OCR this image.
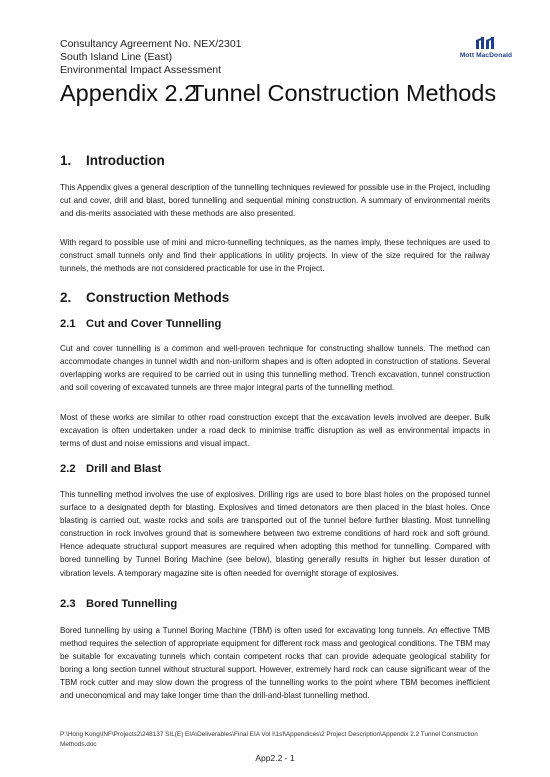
Consultancy Agreement No. NEX/2301
South Island Line (East)
Environmental Impact Assessment
Mott MacDonald
Appendix 2.2Tunnel Construction Methods
1. Introduction

This Appendix gives a general description of the tunnelling techniques reviewed for possible use in the Project, including cut and cover, drill and blast, bored tunnelling and sequential mining construction. A summary of environmental merits and dis-merits associated with these methods are also presented.

With regard to possible use of mini and micro-tunnelling techniques, as the names imply, these techniques are used to construct small tunnels only and find their applications in utility projects. In view of the size required for the railway tunnels, the methods are not considered practicable for use in the Project.

2. Construction Methods
2.1 Cut and Cover Tunnelling

Cut and cover tunnelling is a common and well-proven technique for constructing shallow tunnels. The method can accommodate changes in tunnel width and non-uniform shapes and is often adopted in construction of stations. Several overlapping works are required to be carried out in using this tunnelling method. Trench excavation, tunnel construction and soil covering of excavated tunnels are three major integral parts of the tunnelling method.

Most of these works are similar to other road construction except that the excavation levels involved are deeper. Bulk excavation is often undertaken under a road deck to minimise traffic disruption as well as environmental impacts in terms of dust and noise emissions and visual impact.

2.2 Drill and Blast

This tunnelling method involves the use of explosives. Drilling rigs are used to bore blast holes on the proposed tunnel surface to a designated depth for blasting. Explosives and timed detonators are then placed in the blast holes. Once blasting is carried out, waste rocks and soils are transported out of the tunnel before further blasting. Most tunnelling construction in rock involves ground that is somewhere between two extreme conditions of hard rock and soft ground. Hence adequate structural support measures are required when adopting this method for tunnelling. Compared with bored tunnelling by Tunnel Boring Machine (see below), blasting generally results in higher but lesser duration of vibration levels. A temporary magazine site is often needed for overnight storage of explosives.

2.3 Bored Tunnelling

Bored tunnelling by using a Tunnel Boring Machine (TBM) is often used for excavating long tunnels. An effective TMB method requires the selection of appropriate equipment for different rock mass and geological conditions. The TBM may be suitable for excavating tunnels which contain competent rocks that can provide adequate geological stability for boring a long section tunnel without structural support. However, extremely hard rock can cause significant wear of the TBM rock cutter and may slow down the progress of the tunnelling works to the point where TBM becomes inefficient and uneconomical and may take longer time than the drill-and-blast tunnelling method.

P:\Hong Kong\INF\Projects2\248137 SIL(E) EIA\Deliverables\Final EIA Vol I\1sf\Appendices\2 Project Description\Appendix 2.2 Tunnel Construction Methods.doc
App2.2 - 1
